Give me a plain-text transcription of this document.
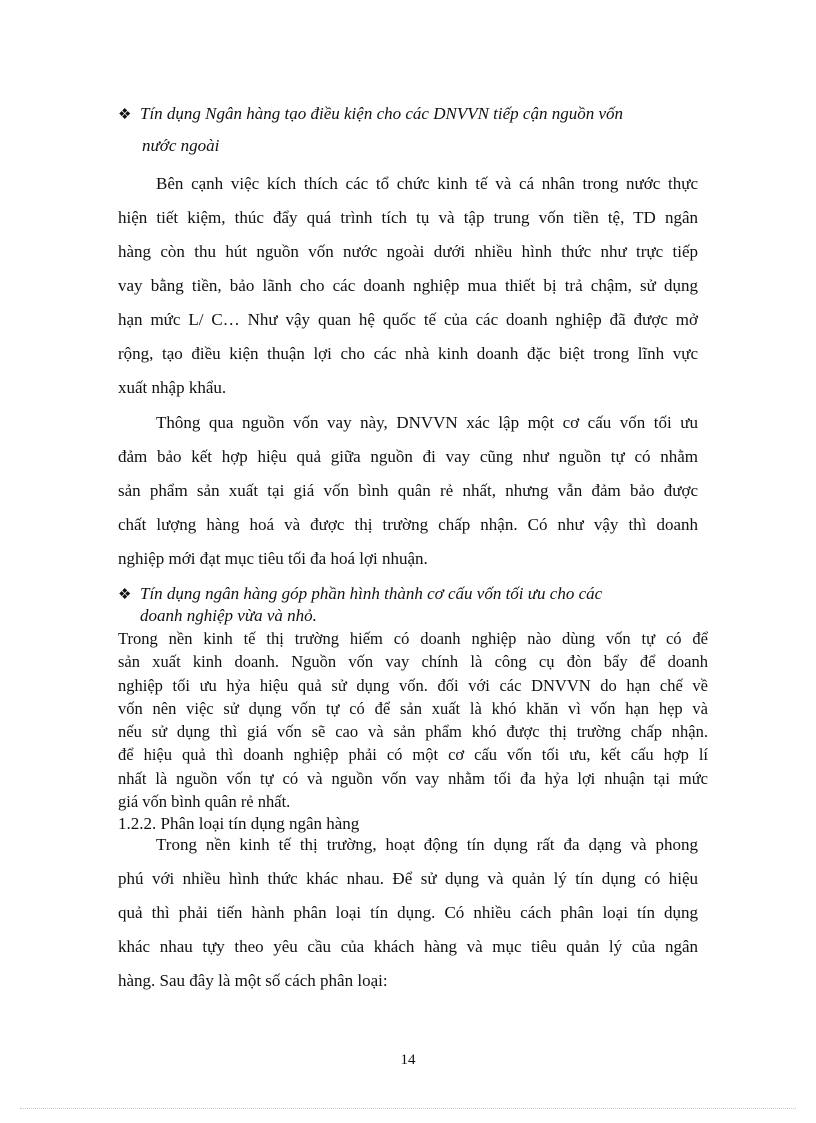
❖ Tín dụng Ngân hàng tạo điều kiện cho các DNVVN tiếp cận nguồn vốn
nước ngoài
Bên cạnh việc kích thích các tổ chức kinh tế và cá nhân trong nước thực
hiện tiết kiệm, thúc đẩy quá trình tích tụ và tập trung vốn tiền tệ, TD ngân
hàng còn thu hút nguồn vốn nước ngoài dưới nhiều hình thức như trực tiếp
vay bằng tiền, bảo lãnh cho các doanh nghiệp mua thiết bị trả chậm, sử dụng
hạn mức L/ C… Như vậy quan hệ quốc tế của các doanh nghiệp đã được mở
rộng, tạo điều kiện thuận lợi cho các nhà kinh doanh đặc biệt trong lĩnh vực
xuất nhập khẩu.
Thông qua nguồn vốn vay này, DNVVN xác lập một cơ cấu vốn tối ưu
đảm bảo kết hợp hiệu quả giữa nguồn đi vay cũng như nguồn tự có nhằm
sản phẩm sản xuất tại giá vốn bình quân rẻ nhất, nhưng vẫn đảm bảo được
chất lượng hàng hoá và được thị trường chấp nhận. Có như vậy thì doanh
nghiệp mới đạt mục tiêu tối đa hoá lợi nhuận.
❖ Tín dụng ngân hàng góp phần hình thành cơ cấu vốn tối ưu cho các
doanh nghiệp vừa và nhỏ.
Trong nền kinh tế thị trường hiếm có doanh nghiệp nào dùng vốn tự có để
sản xuất kinh doanh. Nguồn vốn vay chính là công cụ đòn bẩy để doanh
nghiệp tối ưu hỷa hiệu quả sử dụng vốn. đối với các DNVVN do hạn chế về
vốn nên việc sử dụng vốn tự có để sản xuất là khó khăn vì vốn hạn hẹp và
nếu sử dụng thì giá vốn sẽ cao và sản phẩm khó được thị trường chấp nhận.
để hiệu quả thì doanh nghiệp phải có một cơ cấu vốn tối ưu, kết cấu hợp lí
nhất là nguồn vốn tự có và nguồn vốn vay nhằm tối đa hỷa lợi nhuận tại mức
giá vốn bình quân rẻ nhất.
1.2.2. Phân loại tín dụng ngân hàng
Trong nền kinh tế thị trường, hoạt động tín dụng rất đa dạng và phong
phú với nhiều hình thức khác nhau. Để sử dụng và quản lý tín dụng có hiệu
quả thì phải tiến hành phân loại tín dụng. Có nhiều cách phân loại tín dụng
khác nhau tựy theo yêu cầu của khách hàng và mục tiêu quản lý của ngân
hàng. Sau đây là một số cách phân loại:
14
